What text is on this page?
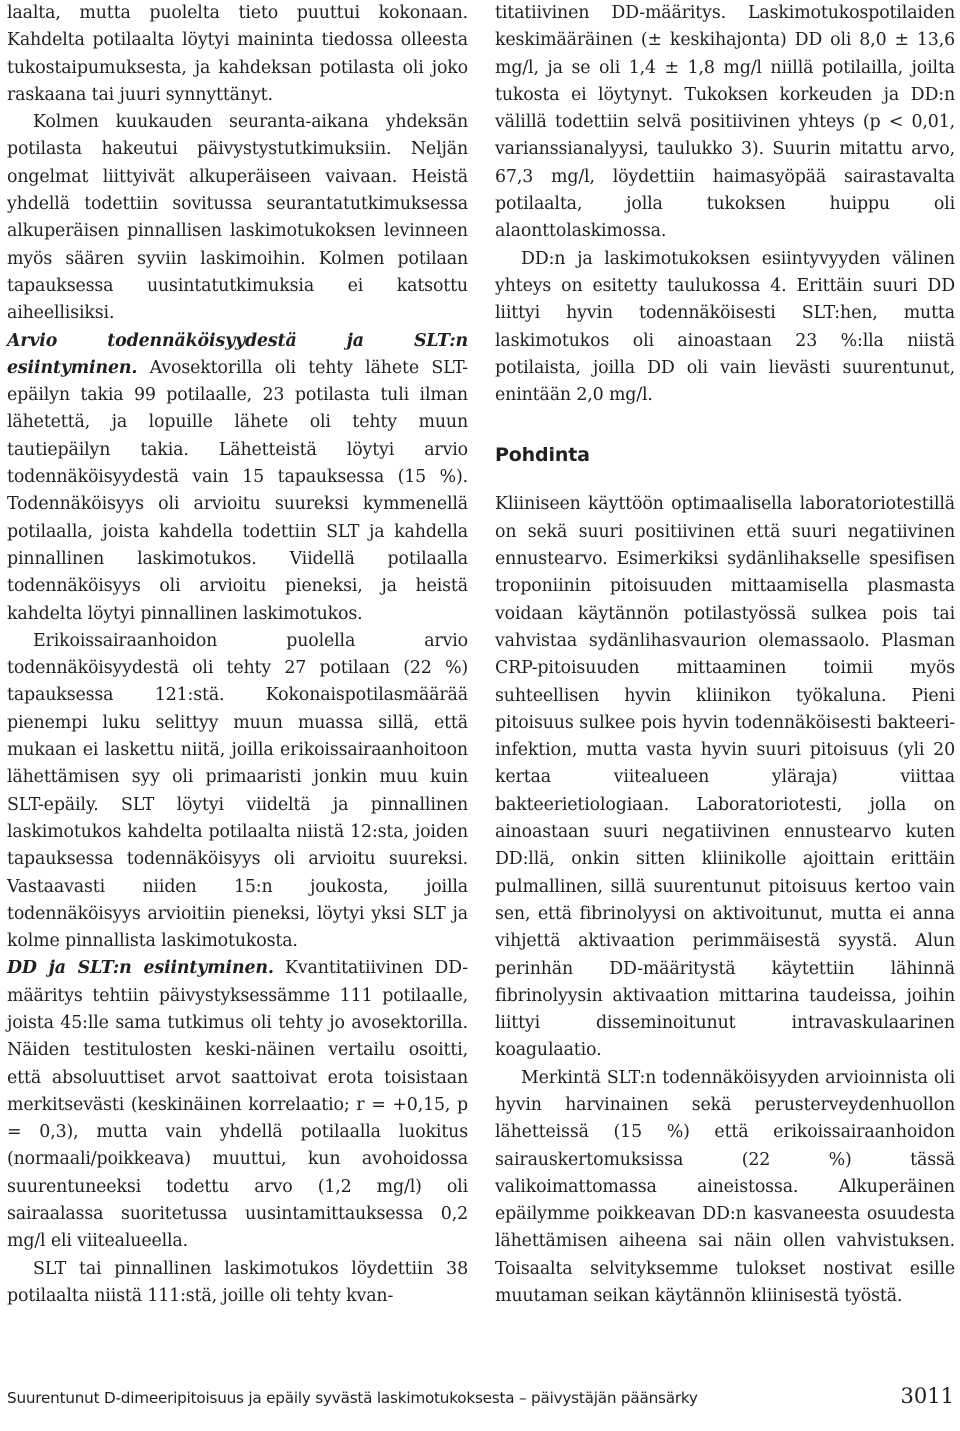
laalta, mutta puolelta tieto puuttui kokonaan. Kahdelta potilaalta löytyi maininta tiedossa olleesta tukostaipumuksesta, ja kahdeksan potilasta oli joko raskaana tai juuri synnyttänyt.

Kolmen kuukauden seuranta-aikana yhdeksän potilasta hakeutui päivystystutkimuksiin. Neljän ongelmat liittyivät alkuperäiseen vaivaan. Heistä yhdellä todettiin sovitussa seurantatutkimuksessa alkuperäisen pinnallisen laskimotukoksen levinneen myös säären syviin laskimoihin. Kolmen potilaan tapauksessa uusintatutkimuksia ei katsottu aiheellisiksi.

Arvio todennäköisyydestä ja SLT:n esiintyminen. Avosektorilla oli tehty lähete SLT-epäilyn takia 99 potilaalle, 23 potilasta tuli ilman lähetettä, ja lopuille lähete oli tehty muun tautiepäilyn takia. Lähetteistä löytyi arvio todennäköisyydestä vain 15 tapauksessa (15 %). Todennäköisyys oli arvioitu suureksi kymmenellä potilaalla, joista kahdella todettiin SLT ja kahdella pinnallinen laskimotukos. Viidellä potilaalla todennäköisyys oli arvioitu pieneksi, ja heistä kahdelta löytyi pinnallinen laskimotukos.

Erikoissairaanhoidon puolella arvio todennäköisyydestä oli tehty 27 potilaan (22 %) tapauksessa 121:stä. Kokonaispotilasmäärää pienempi luku selittyy muun muassa sillä, että mukaan ei laskettu niitä, joilla erikoissairaanhoitoon lähettämisen syy oli primaaristi jonkin muu kuin SLT-epäily. SLT löytyi viideltä ja pinnallinen laskimotukos kahdelta potilaalta niistä 12:sta, joiden tapauksessa todennäköisyys oli arvioitu suureksi. Vastaavasti niiden 15:n joukosta, joilla todennäköisyys arvioitiin pieneksi, löytyi yksi SLT ja kolme pinnallista laskimotukosta.

DD ja SLT:n esiintyminen. Kvantitatiivinen DD-määritys tehtiin päivystyksessämme 111 potilaalle, joista 45:lle sama tutkimus oli tehty jo avosektorilla. Näiden testitulosten keski-näinen vertailu osoitti, että absoluuttiset arvot saattoivat erota toisistaan merkitsevästi (keskinäinen korrelaatio; r = +0,15, p = 0,3), mutta vain yhdellä potilaalla luokitus (normaali/poikkeava) muuttui, kun avohoidossa suurentuneeksi todettu arvo (1,2 mg/l) oli sairaalassa suoritetussa uusintamittauksessa 0,2 mg/l eli viitealueella.

SLT tai pinnallinen laskimotukos löydettiin 38 potilaalta niistä 111:stä, joille oli tehty kvan-

titatiivinen DD-määritys. Laskimotukospotilaiden keskimääräinen (± keskihajonta) DD oli 8,0 ± 13,6 mg/l, ja se oli 1,4 ± 1,8 mg/l niillä potilailla, joilta tukosta ei löytynyt. Tukoksen korkeuden ja DD:n välillä todettiin selvä positiivinen yhteys (p < 0,01, varianssianalyysi, taulukko 3). Suurin mitattu arvo, 67,3 mg/l, löydettiin haimasyöpää sairastavalta potilaalta, jolla tukoksen huippu oli alaonttolaskimossa.

DD:n ja laskimotukoksen esiintyvyyden välinen yhteys on esitetty taulukossa 4. Erittäin suuri DD liittyi hyvin todennäköisesti SLT:hen, mutta laskimotukos oli ainoastaan 23 %:lla niistä potilaista, joilla DD oli vain lievästi suurentunut, enintään 2,0 mg/l.

Pohdinta

Kliiniseen käyttöön optimaalisella laboratoriotestillä on sekä suuri positiivinen että suuri negatiivinen ennustearvo. Esimerkiksi sydänlihakselle spesifisen troponiinin pitoisuuden mittaamisella plasmasta voidaan käytännön potilastyössä sulkea pois tai vahvistaa sydänlihasvaurion olemassaolo. Plasman CRP-pitoisuuden mittaaminen toimii myös suhteellisen hyvin kliinikon työkaluna. Pieni pitoisuus sulkee pois hyvin todennäköisesti bakteeri-infektion, mutta vasta hyvin suuri pitoisuus (yli 20 kertaa viitealueen yläraja) viittaa bakteerietiologiaan. Laboratoriotesti, jolla on ainoastaan suuri negatiivinen ennustearvo kuten DD:llä, onkin sitten kliinikolle ajoittain erittäin pulmallinen, sillä suurentunut pitoisuus kertoo vain sen, että fibrinolyysi on aktivoitunut, mutta ei anna vihjettä aktivaation perimmäisestä syystä. Alun perinhän DD-määritystä käytettiin lähinnä fibrinolyysin aktivaation mittarina taudeissa, joihin liittyi disseminoitunut intravaskulaarinen koagulaatio.

Merkintä SLT:n todennäköisyyden arvioinnista oli hyvin harvinainen sekä perusterveydenhuollon lähetteissä (15 %) että erikoissairaanhoidon sairauskertomuksissa (22 %) tässä valikoimattomassa aineistossa. Alkuperäinen epäilymme poikkeavan DD:n kasvaneesta osuudesta lähettämisen aiheena sai näin ollen vahvistuksen. Toisaalta selvityksemme tulokset nostivat esille muutaman seikan käytännön kliinisestä työstä.

Suurentunut D-dimeeripitoisuus ja epäily syvästä laskimotukoksesta – päivystäjän päänsärky	3011
